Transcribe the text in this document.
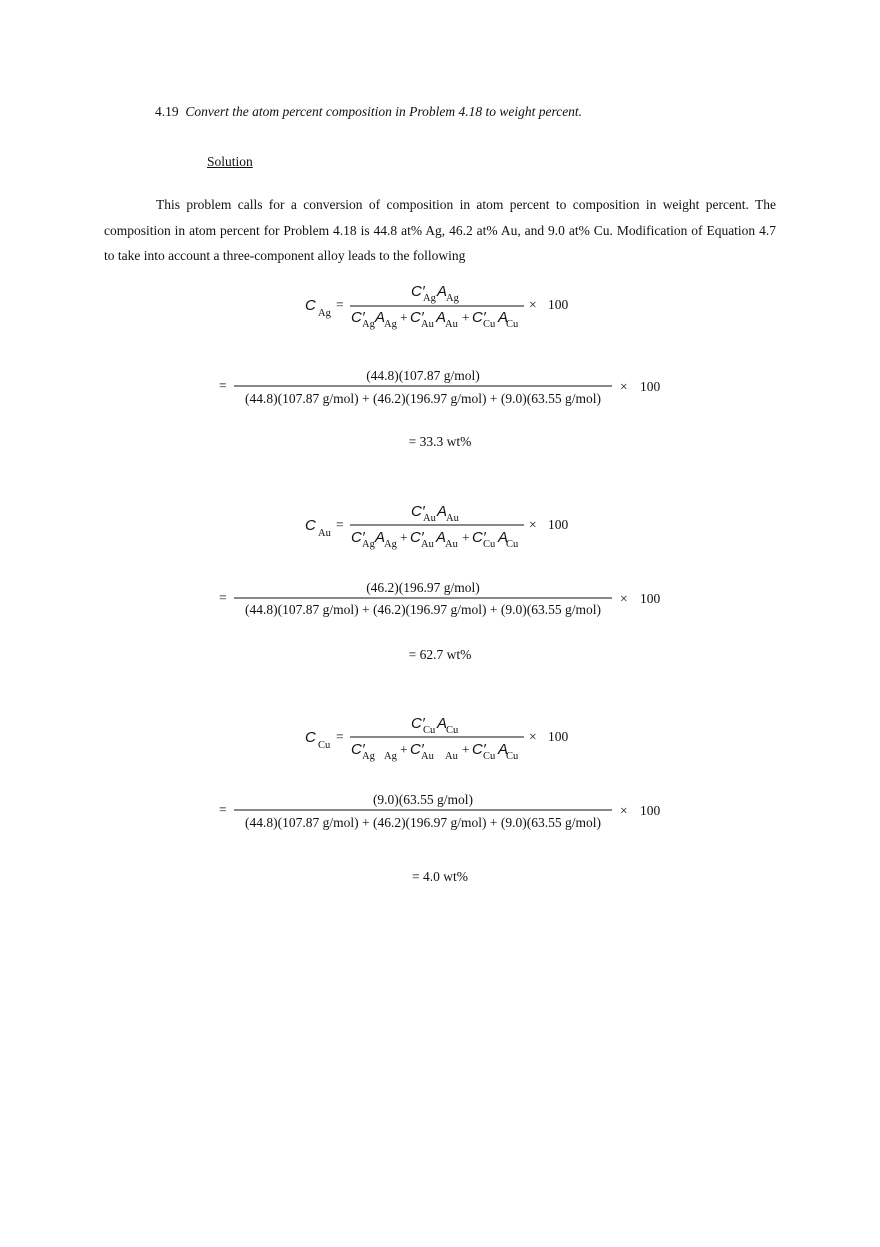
4.19 Convert the atom percent composition in Problem 4.18 to weight percent.
Solution
This problem calls for a conversion of composition in atom percent to composition in weight percent. The composition in atom percent for Problem 4.18 is 44.8 at% Ag, 46.2 at% Au, and 9.0 at% Cu. Modification of Equation 4.7 to take into account a three-component alloy leads to the following
C Ag
=
C′
Ag A
Ag
C′
Ag A
Ag + C′
Au A
Au + C′
Cu A
Cu
× 100
=
(44.8)(107.87 g/mol)
(44.8)(107.87 g/mol) + (46.2)(196.97 g/mol) + (9.0)(63.55 g/mol)
× 100
= 33.3 wt%
C Au
=
C′
Au A
Au
C′
Ag A
Ag + C′
Au A
Au + C′
Cu A
Cu
× 100
=
(46.2)(196.97 g/mol)
(44.8)(107.87 g/mol) + (46.2)(196.97 g/mol) + (9.0)(63.55 g/mol)
× 100
= 62.7 wt%
C Cu
=
C′
Cu A
Cu
C′
Ag Ag + C′
Au Au + C′
Cu A
Cu
× 100
=
(9.0)(63.55 g/mol)
(44.8)(107.87 g/mol) + (46.2)(196.97 g/mol) + (9.0)(63.55 g/mol)
× 100
= 4.0 wt%
